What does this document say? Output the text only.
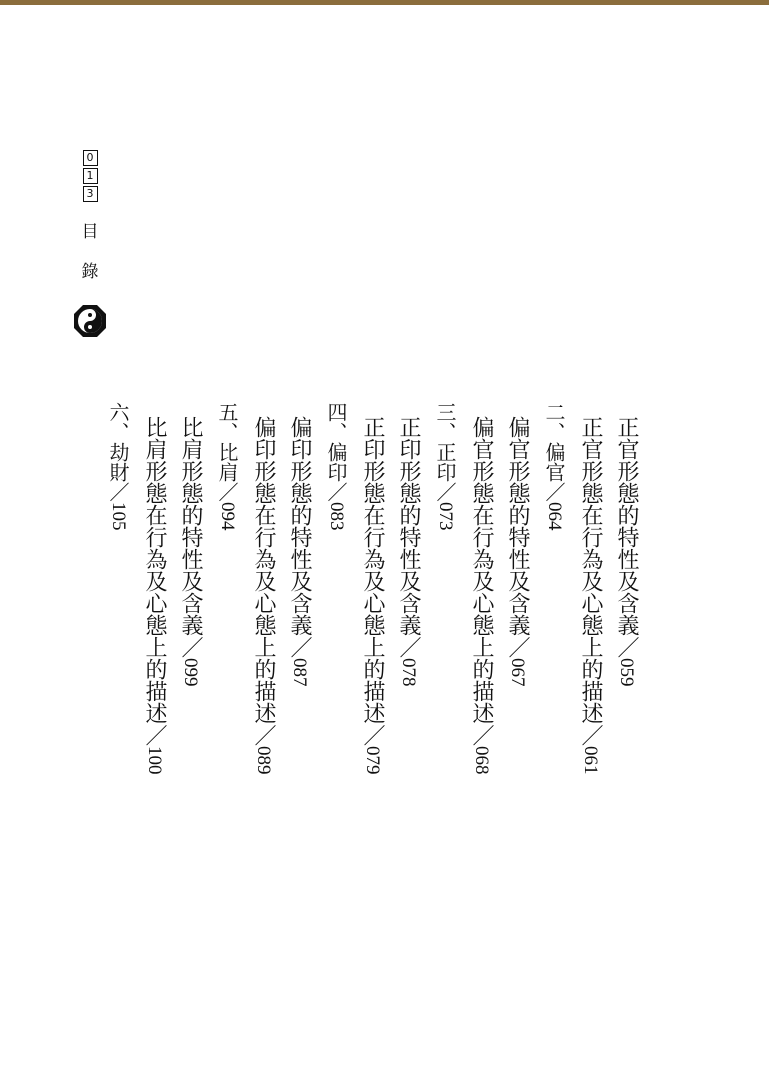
0
1
3
目
錄
正官形態的特性及含義／059
正官形態在行為及心態上的描述／061
二、偏官／064
偏官形態的特性及含義／067
偏官形態在行為及心態上的描述／068
三、正印／073
正印形態的特性及含義／078
正印形態在行為及心態上的描述／079
四、偏印／083
偏印形態的特性及含義／087
偏印形態在行為及心態上的描述／089
五、比肩／094
比肩形態的特性及含義／099
比肩形態在行為及心態上的描述／100
六、劫財／105
